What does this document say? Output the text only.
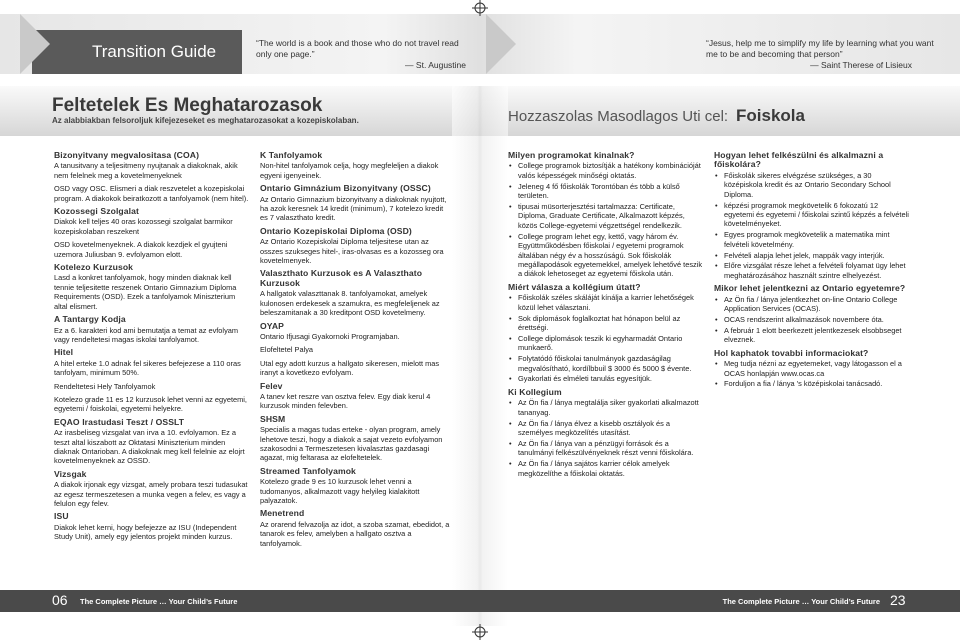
Transition Guide	“The world is a book and those who do not travel read only one page.”
— St. Augustine
“Jesus, help me to simplify my life by learning what you want me to be and becoming that person”
— Saint Therese of Lisieux
Feltetelek Es Meghatarozasok
Az alabbiakban felsoroljuk kifejezeseket es meghatarozasokat a kozepiskolaban.	Hozzaszolas Masodlagos Uti cel: Foiskola
Bizonyitvany megvalositasa (COA)
A tanusitvany a teljesitmeny nyujtanak a diakoknak, akik nem felelnek meg a kovetelmenyeknek
OSD vagy OSC. Elismeri a diak reszvetelet a kozepiskolai program. A diakokok beiratkozott a tanfolyamok (nem hitel).
Kozossegi Szolgalat
Diakok kell teljes 40 oras kozossegi szolgalat barmikor kozepiskolaban reszekent
OSD kovetelmenyeknek. A diakok kezdjek el gyujteni uzemora Juliusban 9. evfolyamon elott.
Kotelezo Kurzusok
Lasd a konkret tanfolyamok, hogy minden diaknak kell tennie teljesitette reszenek Ontario Gimnazium Diploma Requirements (OSD). Ezek a tanfolyamok Miniszterium altal elismert.
A Tantargy Kodja
Ez a 6. karakteri kod ami bemutatja a temat az evfolyam vagy rendeltetesi magas iskolai tanfolyamot.
Hitel
A hitel erteke 1.0 adnak fel sikeres befejezese a 110 oras tanfolyam, minimum 50%.
Rendeltetesi Hely Tanfolyamok
Kotelezo grade 11 es 12 kurzusok lehet venni az egyetemi, egyetemi / foiskolai, egyetemi helyekre.
EQAO Irastudasi Teszt / OSSLT
Az irasbeliseg vizsgalat van irva a 10. evfolyamon. Ez a teszt altal kiszabott az Oktatasi Miniszterium minden diaknak Ontarioban. A diakoknak meg kell felelnie az elojrt kovetelmenyeknek az OSSD.
Vizsgak
A diakok irjonak egy vizsgat, amely probara teszi tudasukat az egesz termeszetesen a munka vegen a felev, es vagy a felulon egy felev.
ISU
Diakok lehet kerni, hogy befejezze az ISU (Independent Study Unit), amely egy jelentos projekt minden kurzus.
K Tanfolyamok
Non-hitel tanfolyamok celja, hogy megfeleljen a diakok egyeni igenyeinek.
Ontario Gimnázium Bizonyitvany (OSSC)
Az Ontario Gimnazium bizonyitvany a diakoknak nyujtott, ha azok keresnek 14 kredit (minimum), 7 kotelezo kredit es 7 valaszthato kredit.
Ontario Kozepiskolai Diploma (OSD)
Az Ontario Kozepiskolai Diploma teljesitese utan az osszes szukseges hitel-, iras-olvasas es a kozosseg ora kovetelmenyek.
Valaszthato Kurzusok es A Valaszthato Kurzusok
A hallgatok valaszttanak 8. tanfolyamokat, amelyek kulonosen erdekesek a szamukra, es megfeleljenek az beleszamitanak a 30 kreditpont OSD kovetelmeny.
OYAP
Ontario Ifjusagi Gyakornoki Programjaban.
Elofeltetel Palya
Utal egy adott kurzus a hallgato sikeresen, mielott mas iranyt a kovetkezo evfolyam.
Felev
A tanev ket reszre van osztva felev. Egy diak kerul 4 kurzusok minden felevben.
SHSM
Specialis a magas tudas erteke - olyan program, amely lehetove teszi, hogy a diakok a sajat vezeto evfolyamon szakosodni a Termeszetesen kivalasztas gazdasagi agazat, mig feltarasa az elofeltetelek.
Streamed Tanfolyamok
Kotelezo grade 9 es 10 kurzusok lehet venni a tudomanyos, alkalmazott vagy helyileg kialakitott palyazatok.
Menetrend
Az orarend felvazolja az idot, a szoba szamat, ebedidot, a tanarok es felev, amelyben a hallgato osztva a tanfolyamok.
Milyen programokat kinalnak?
• College programok biztosítják a hatékony kombinációját valós képességek minőségi oktatás.
• Jeleneg 4 fő főiskolák Torontóban és több a külső területen.
• tipusai müsorterjesztési tartalmazza: Certificate, Diploma, Graduate Certificate, Alkalmazott képzés, közös College-egyetemi végzettségel rendelkezik.
• College program lehet egy, kettő, vagy három év. Együttműködésben főiskolai / egyetemi programok általában négy év a hosszúságú. Sok főiskolák megállapodások egyetemekkel, amelyek lehetővé teszik a diákok lehetoseget az egyetemi főiskola után.
Miért válasza a kollégium útatt?
• Főiskolák széles skáláját kínálja a karrier lehetőségek közül lehet választani.
• Sok diplomások foglalkoztat hat hónapon belül az érettségi.
• College diplomások teszik ki egyharmadát Ontario munkaerő.
• Folytatódó főiskolai tanulmányok gazdaságilag megvalósítható, kordílbbuil $ 3000 és 5000 $ évente.
• Gyakorlati és elméleti tanulás egyesítjük.
Ki Kollegium
• Az Ön fia / lánya megtalálja siker gyakorlati alkalmazott tananyag.
• Az Ön fia / lánya élvez a kisebb osztályok és a személyes megközelítés utasítást.
• Az Ön fia / lánya van a pénzügyi források és a tanulmányi felkészülvényeknek részt venni főiskolára.
• Az Ön fia / lánya sajátos karrier célok amelyek megközelíthe a főiskolai oktatás.
Hogyan lehet felkészülni és alkalmazni a főiskolára?
• Főiskolák sikeres elvégzése szükséges, a 30 középiskola kredit és az Ontario Secondary School Diploma.
• képzési programok megkövetelik 6 fokozatú 12 egyetemi és egyetemi / főiskolai szintű képzés a felvételi követelményeket.
• Egyes programok megkövetelik a matematika mint felvételi követelmény.
• Felvételi alapja lehet jelek, mappák vagy interjúk.
• Előre vizsgálat része lehet a felvételi folyamat ügy lehet meghatározásához használt szintre elhelyezést.
Mikor lehet jelentkezni az Ontario egyetemre?
• Az Ön fia / lánya jelentkezhet on-line Ontario College Application Services (OCAS).
• OCAS rendszerint alkalmazások novembere óta.
• A február 1 elott beerkezett jelentkezesek elsobbseget elveznek.
Hol kaphatok tovabbi informaciokat?
• Meg tudja nézni az egyetemeket, vagy látogasson el a OCAS honlapján www.ocas.ca
• Forduljon a fia / lánya 's középiskolai tanácsadó.
06 The Complete Picture … Your Child’s Future	The Complete Picture … Your Child’s Future 23
